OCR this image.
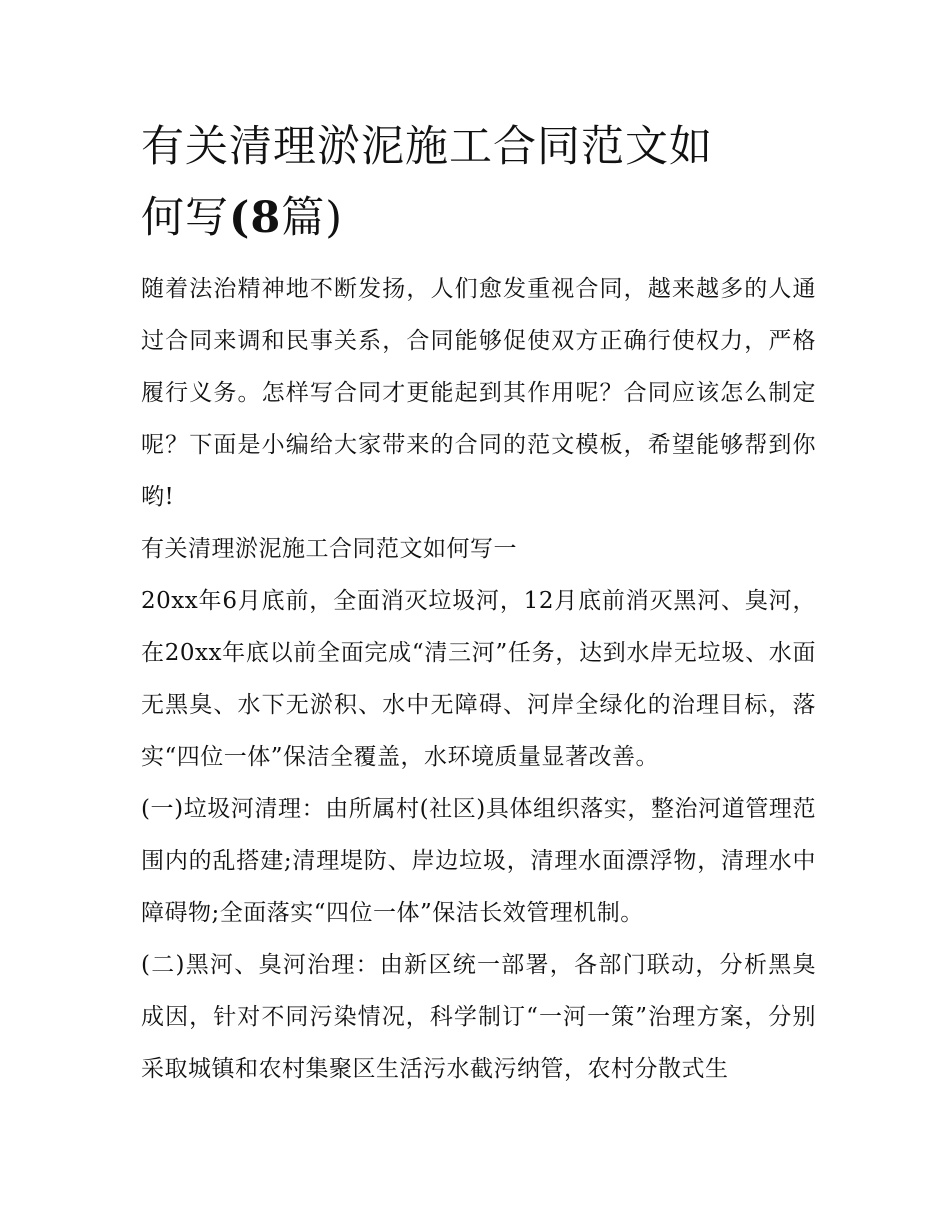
有关清理淤泥施工合同范文如
何写(8篇)

随着法治精神地不断发扬，人们愈发重视合同，越来越多的人通过合同来调和民事关系，合同能够促使双方正确行使权力，严格履行义务。怎样写合同才更能起到其作用呢？合同应该怎么制定呢？下面是小编给大家带来的合同的范文模板，希望能够帮到你哟!

有关清理淤泥施工合同范文如何写一

20xx年6月底前，全面消灭垃圾河，12月底前消灭黑河、臭河，在20xx年底以前全面完成“清三河”任务，达到水岸无垃圾、水面无黑臭、水下无淤积、水中无障碍、河岸全绿化的治理目标，落实“四位一体”保洁全覆盖，水环境质量显著改善。

(一)垃圾河清理：由所属村(社区)具体组织落实，整治河道管理范围内的乱搭建;清理堤防、岸边垃圾，清理水面漂浮物，清理水中障碍物;全面落实“四位一体”保洁长效管理机制。

(二)黑河、臭河治理：由新区统一部署，各部门联动，分析黑臭成因，针对不同污染情况，科学制订“一河一策”治理方案，分别采取城镇和农村集聚区生活污水截污纳管，农村分散式生
